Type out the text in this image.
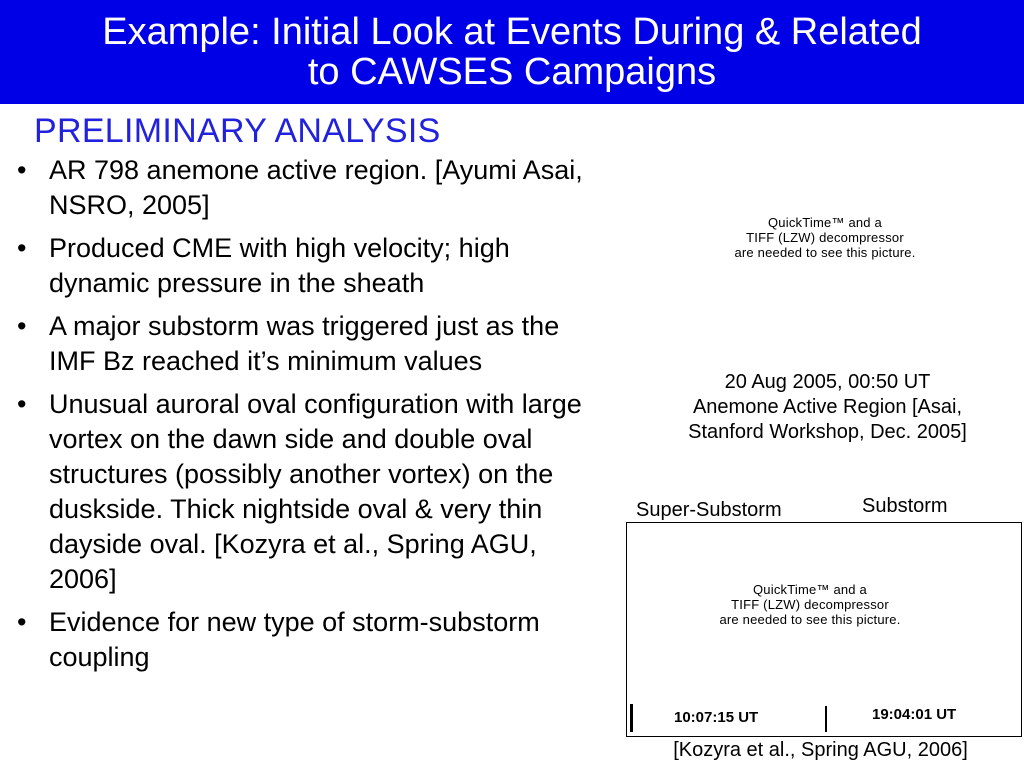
Example: Initial Look at Events During & Related
to CAWSES Campaigns
PRELIMINARY ANALYSIS
• AR 798 anemone active region. [Ayumi Asai, NSRO, 2005]
• Produced CME with high velocity; high dynamic pressure in the sheath
• A major substorm was triggered just as the IMF Bz reached it’s minimum values
• Unusual auroral oval configuration with large vortex on the dawn side and double oval structures (possibly another vortex) on the duskside. Thick nightside oval & very thin dayside oval. [Kozyra et al., Spring AGU, 2006]
• Evidence for new type of storm-substorm coupling
QuickTime™ and a
TIFF (LZW) decompressor
are needed to see this picture.
20 Aug 2005, 00:50 UT
Anemone Active Region [Asai,
Stanford Workshop, Dec. 2005]
Super-Substorm	Substorm
QuickTime™ and a
TIFF (LZW) decompressor
are needed to see this picture.
10:07:15 UT	19:04:01 UT
[Kozyra et al., Spring AGU, 2006]
